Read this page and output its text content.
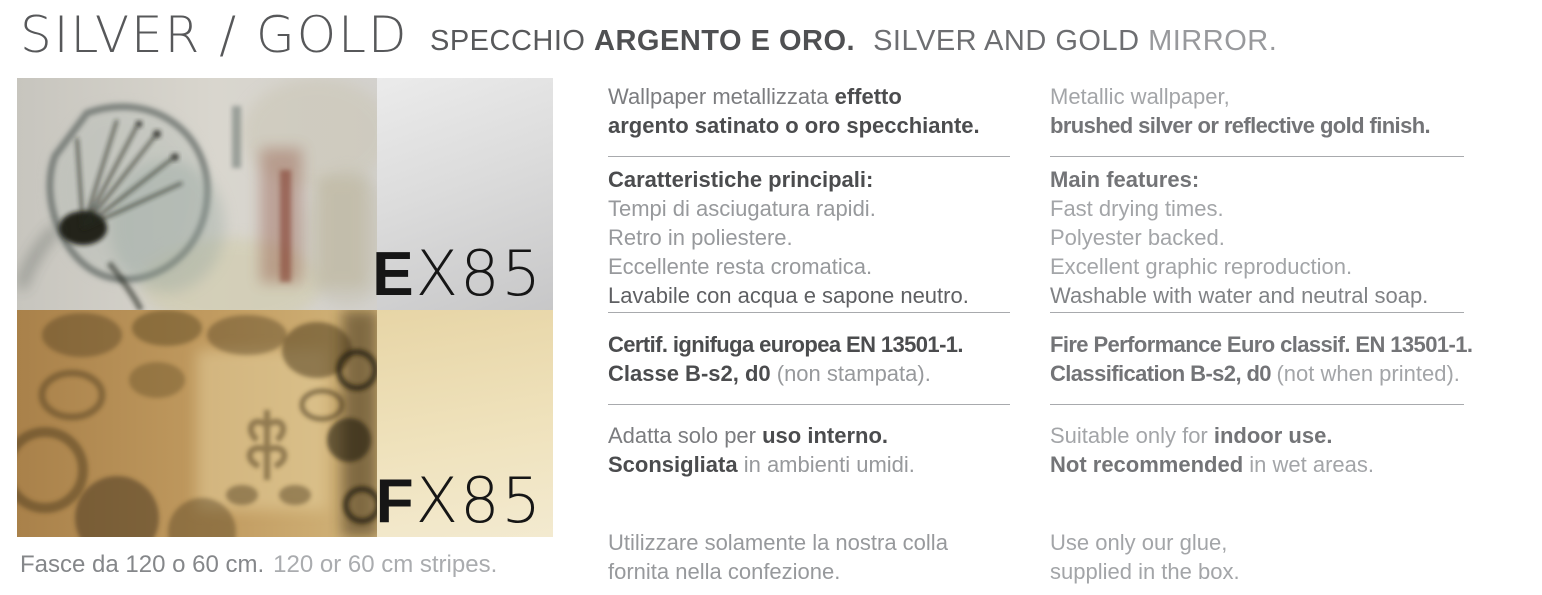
SILVER / GOLD SPECCHIO ARGENTO E ORO. SILVER AND GOLD MIRROR.
EX85
FX85
Fasce da 120 o 60 cm. 120 or 60 cm stripes.
Wallpaper metallizzata effetto
argento satinato o oro specchiante.
Caratteristiche principali:
Tempi di asciugatura rapidi.
Retro in poliestere.
Eccellente resta cromatica.
Lavabile con acqua e sapone neutro.
Certif. ignifuga europea EN 13501-1.
Classe B-s2, d0 (non stampata).
Adatta solo per uso interno.
Sconsigliata in ambienti umidi.
Utilizzare solamente la nostra colla
fornita nella confezione.
Metallic wallpaper,
brushed silver or reflective gold finish.
Main features:
Fast drying times.
Polyester backed.
Excellent graphic reproduction.
Washable with water and neutral soap.
Fire Performance Euro classif. EN 13501-1.
Classification B-s2, d0 (not when printed).
Suitable only for indoor use.
Not recommended in wet areas.
Use only our glue,
supplied in the box.
